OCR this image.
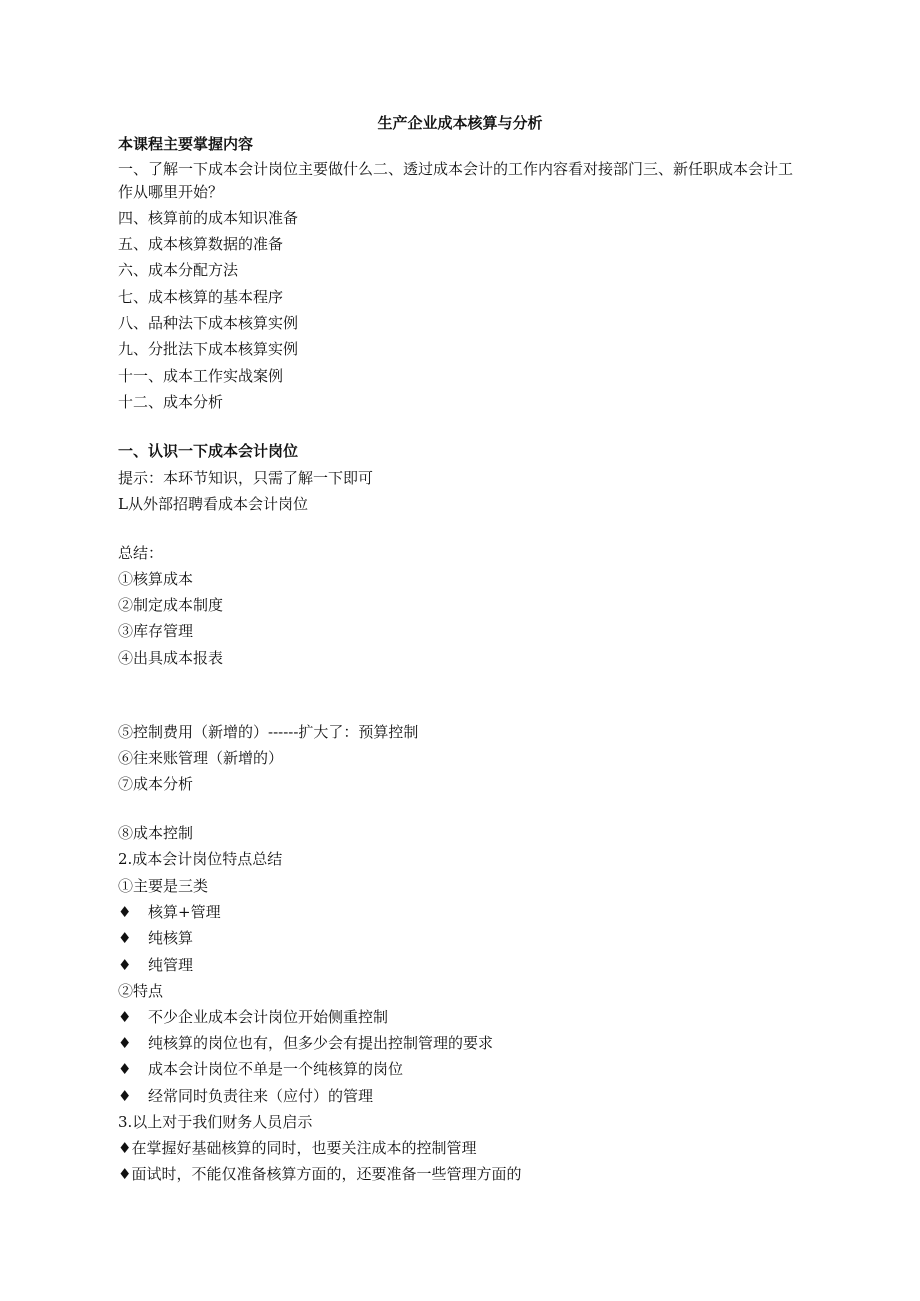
生产企业成本核算与分析
本课程主要掌握内容
一、了解一下成本会计岗位主要做什么二、透过成本会计的工作内容看对接部门三、新任职成本会计工
作从哪里开始？
四、核算前的成本知识准备
五、成本核算数据的准备
六、成本分配方法
七、成本核算的基本程序
八、品种法下成本核算实例
九、分批法下成本核算实例
十一、成本工作实战案例
十二、成本分析
一、认识一下成本会计岗位
提示：本环节知识，只需了解一下即可
L从外部招聘看成本会计岗位
总结：
①核算成本
②制定成本制度
③库存管理
④出具成本报表
⑤控制费用（新增的）------扩大了：预算控制
⑥往来账管理（新增的）
⑦成本分析
⑧成本控制
2.成本会计岗位特点总结
①主要是三类
♦ 核算+管理
♦ 纯核算
♦ 纯管理
②特点
♦ 不少企业成本会计岗位开始侧重控制
♦ 纯核算的岗位也有，但多少会有提出控制管理的要求
♦ 成本会计岗位不单是一个纯核算的岗位
♦ 经常同时负责往来（应付）的管理
3.以上对于我们财务人员启示
♦在掌握好基础核算的同时，也要关注成本的控制管理
♦面试时，不能仅准备核算方面的，还要准备一些管理方面的
